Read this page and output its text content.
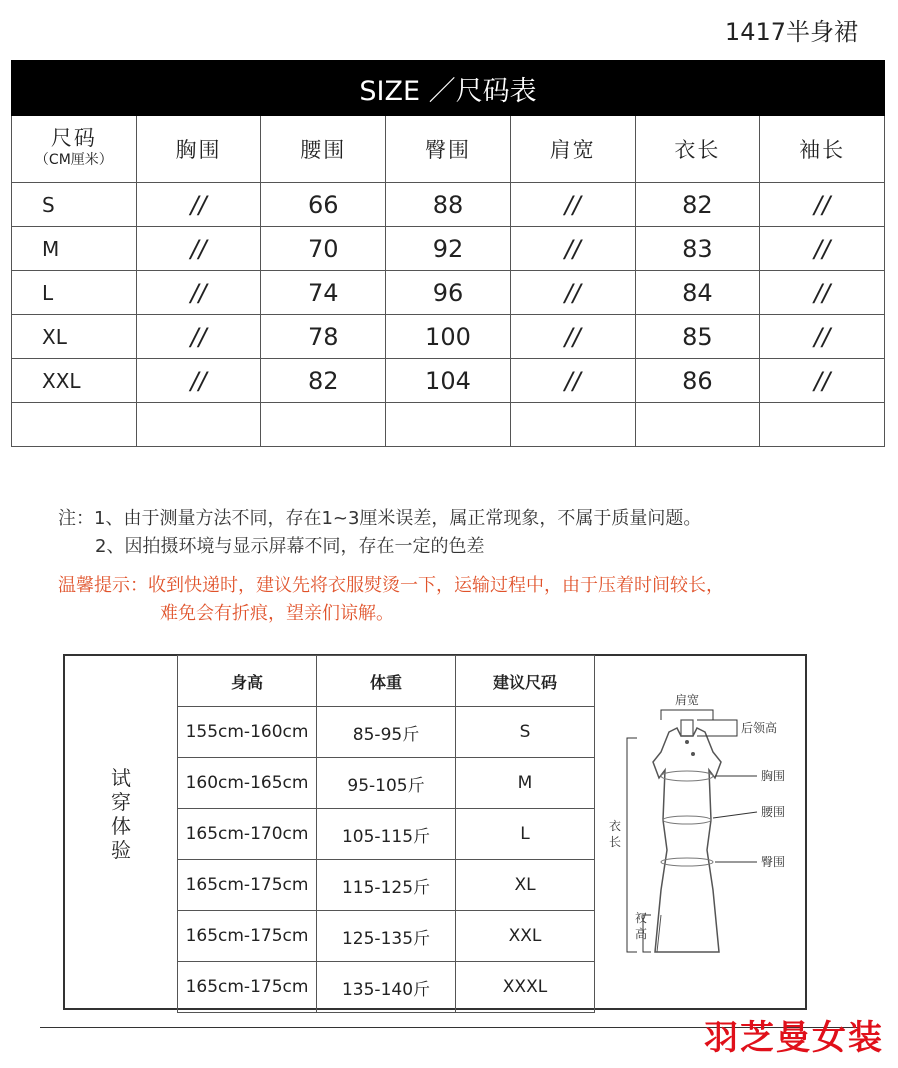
1417半身裙
SIZE ／尺码表						
尺码
（CM厘米）	胸围	腰围	臀围	肩宽	衣长	袖长
S	//	66	88	//	82	//
M	//	70	92	//	83	//
L	//	74	96	//	84	//
XL	//	78	100	//	85	//
XXL	//	82	104	//	86	//

注：1、由于测量方法不同，存在1~3厘米误差，属正常现象，不属于质量问题。
2、因拍摄环境与显示屏幕不同，存在一定的色差
温馨提示：收到快递时，建议先将衣服熨烫一下，运输过程中，由于压着时间较长，
难免会有折痕，望亲们谅解。
试
穿
体
验
身高	体重	建议尺码
155cm-160cm	85-95斤	S
160cm-165cm	95-105斤	M
165cm-170cm	105-115斤	L
165cm-175cm	115-125斤	XL
165cm-175cm	125-135斤	XXL
165cm-175cm	135-140斤	XXXL
肩宽
后领高
胸围
腰围
臀围
衣
长
衩
高
羽芝曼女装
